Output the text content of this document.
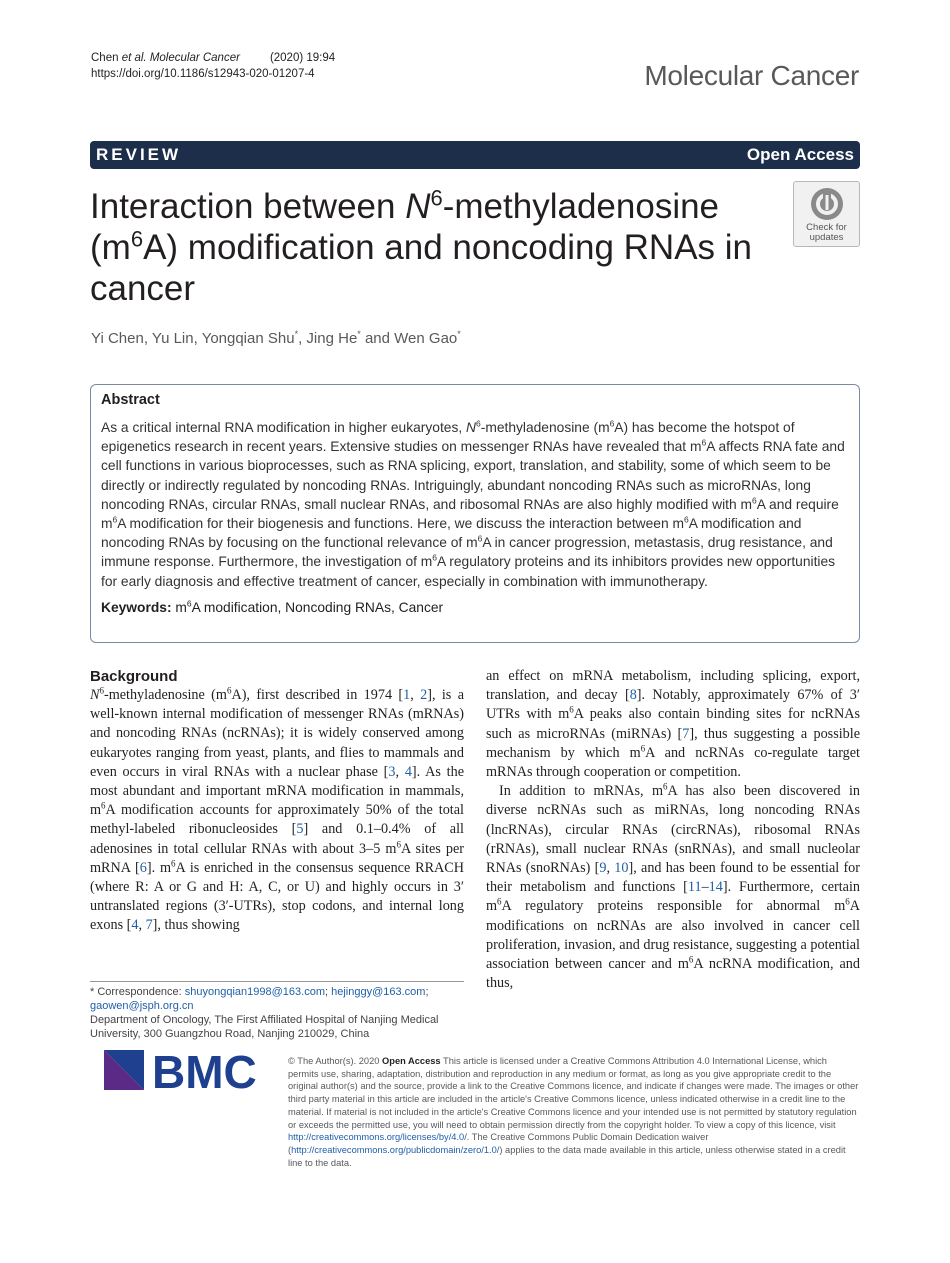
Chen et al. Molecular Cancer	(2020) 19:94
https://doi.org/10.1186/s12943-020-01207-4	Molecular Cancer
REVIEW	Open Access
Interaction between $N^6$-methyladenosine
$(m^6A)$ modification and noncoding RNAs in
cancer
Check for
updates
Yi Chen, Yu Lin, Yongqian Shu*, Jing He* and Wen Gao*
Abstract

As a critical internal RNA modification in higher eukaryotes, $N^6$-methyladenosine $(m^6A)$ has become the hotspot of epigenetics research in recent years. Extensive studies on messenger RNAs have revealed that $m^6A$ affects RNA fate and cell functions in various bioprocesses, such as RNA splicing, export, translation, and stability, some of which seem to be directly or indirectly regulated by noncoding RNAs. Intriguingly, abundant noncoding RNAs such as microRNAs, long noncoding RNAs, circular RNAs, small nuclear RNAs, and ribosomal RNAs are also highly modified with $m^6A$ and require $m^6A$ modification for their biogenesis and functions. Here, we discuss the interaction between $m^6A$ modification and noncoding RNAs by focusing on the functional relevance of $m^6A$ in cancer progression, metastasis, drug resistance, and immune response. Furthermore, the investigation of $m^6A$ regulatory proteins and its inhibitors provides new opportunities for early diagnosis and effective treatment of cancer, especially in combination with immunotherapy.

Keywords: $m^6A$ modification, Noncoding RNAs, Cancer
Background

$N^6$-methyladenosine $(m^6A)$, first described in 1974 [1, 2], is a well-known internal modification of messenger RNAs (mRNAs) and noncoding RNAs (ncRNAs); it is widely conserved among eukaryotes ranging from yeast, plants, and flies to mammals and even occurs in viral RNAs with a nuclear phase [3, 4]. As the most abundant and important mRNA modification in mammals, $m^6A$ modification accounts for approximately 50% of the total methyl-labeled ribonucleosides [5] and 0.1–0.4% of all adenosines in total cellular RNAs with about 3–5 $m^6A$ sites per mRNA [6]. $m^6A$ is enriched in the consensus sequence RRACH (where R: A or G and H: A, C, or U) and highly occurs in 3′ untranslated regions (3′-UTRs), stop codons, and internal long exons [4, 7], thus showing

an effect on mRNA metabolism, including splicing, export, translation, and decay [8]. Notably, approximately 67% of 3′ UTRs with $m^6A$ peaks also contain binding sites for ncRNAs such as microRNAs (miRNAs) [7], thus suggesting a possible mechanism by which $m^6A$ and ncRNAs co-regulate target mRNAs through cooperation or competition.

In addition to mRNAs, $m^6A$ has also been discovered in diverse ncRNAs such as miRNAs, long noncoding RNAs (lncRNAs), circular RNAs (circRNAs), ribosomal RNAs (rRNAs), small nuclear RNAs (snRNAs), and small nucleolar RNAs (snoRNAs) [9, 10], and has been found to be essential for their metabolism and functions [11–14]. Furthermore, certain $m^6A$ regulatory proteins responsible for abnormal $m^6A$ modifications on ncRNAs are also involved in cancer cell proliferation, invasion, and drug resistance, suggesting a potential association between cancer and $m^6A$ ncRNA modification, and thus,

* Correspondence: shuyongqian1998@163.com; hejinggy@163.com;
gaowen@jsph.org.cn
Department of Oncology, The First Affiliated Hospital of Nanjing Medical University, 300 Guangzhou Road, Nanjing 210029, China
BMC	© The Author(s). 2020 Open Access This article is licensed under a Creative Commons Attribution 4.0 International License, which permits use, sharing, adaptation, distribution and reproduction in any medium or format, as long as you give appropriate credit to the original author(s) and the source, provide a link to the Creative Commons licence, and indicate if changes were made. The images or other third party material in this article are included in the article's Creative Commons licence, unless indicated otherwise in a credit line to the material. If material is not included in the article's Creative Commons licence and your intended use is not permitted by statutory regulation or exceeds the permitted use, you will need to obtain permission directly from the copyright holder. To view a copy of this licence, visit http://creativecommons.org/licenses/by/4.0/. The Creative Commons Public Domain Dedication waiver (http://creativecommons.org/publicdomain/zero/1.0/) applies to the data made available in this article, unless otherwise stated in a credit line to the data.
